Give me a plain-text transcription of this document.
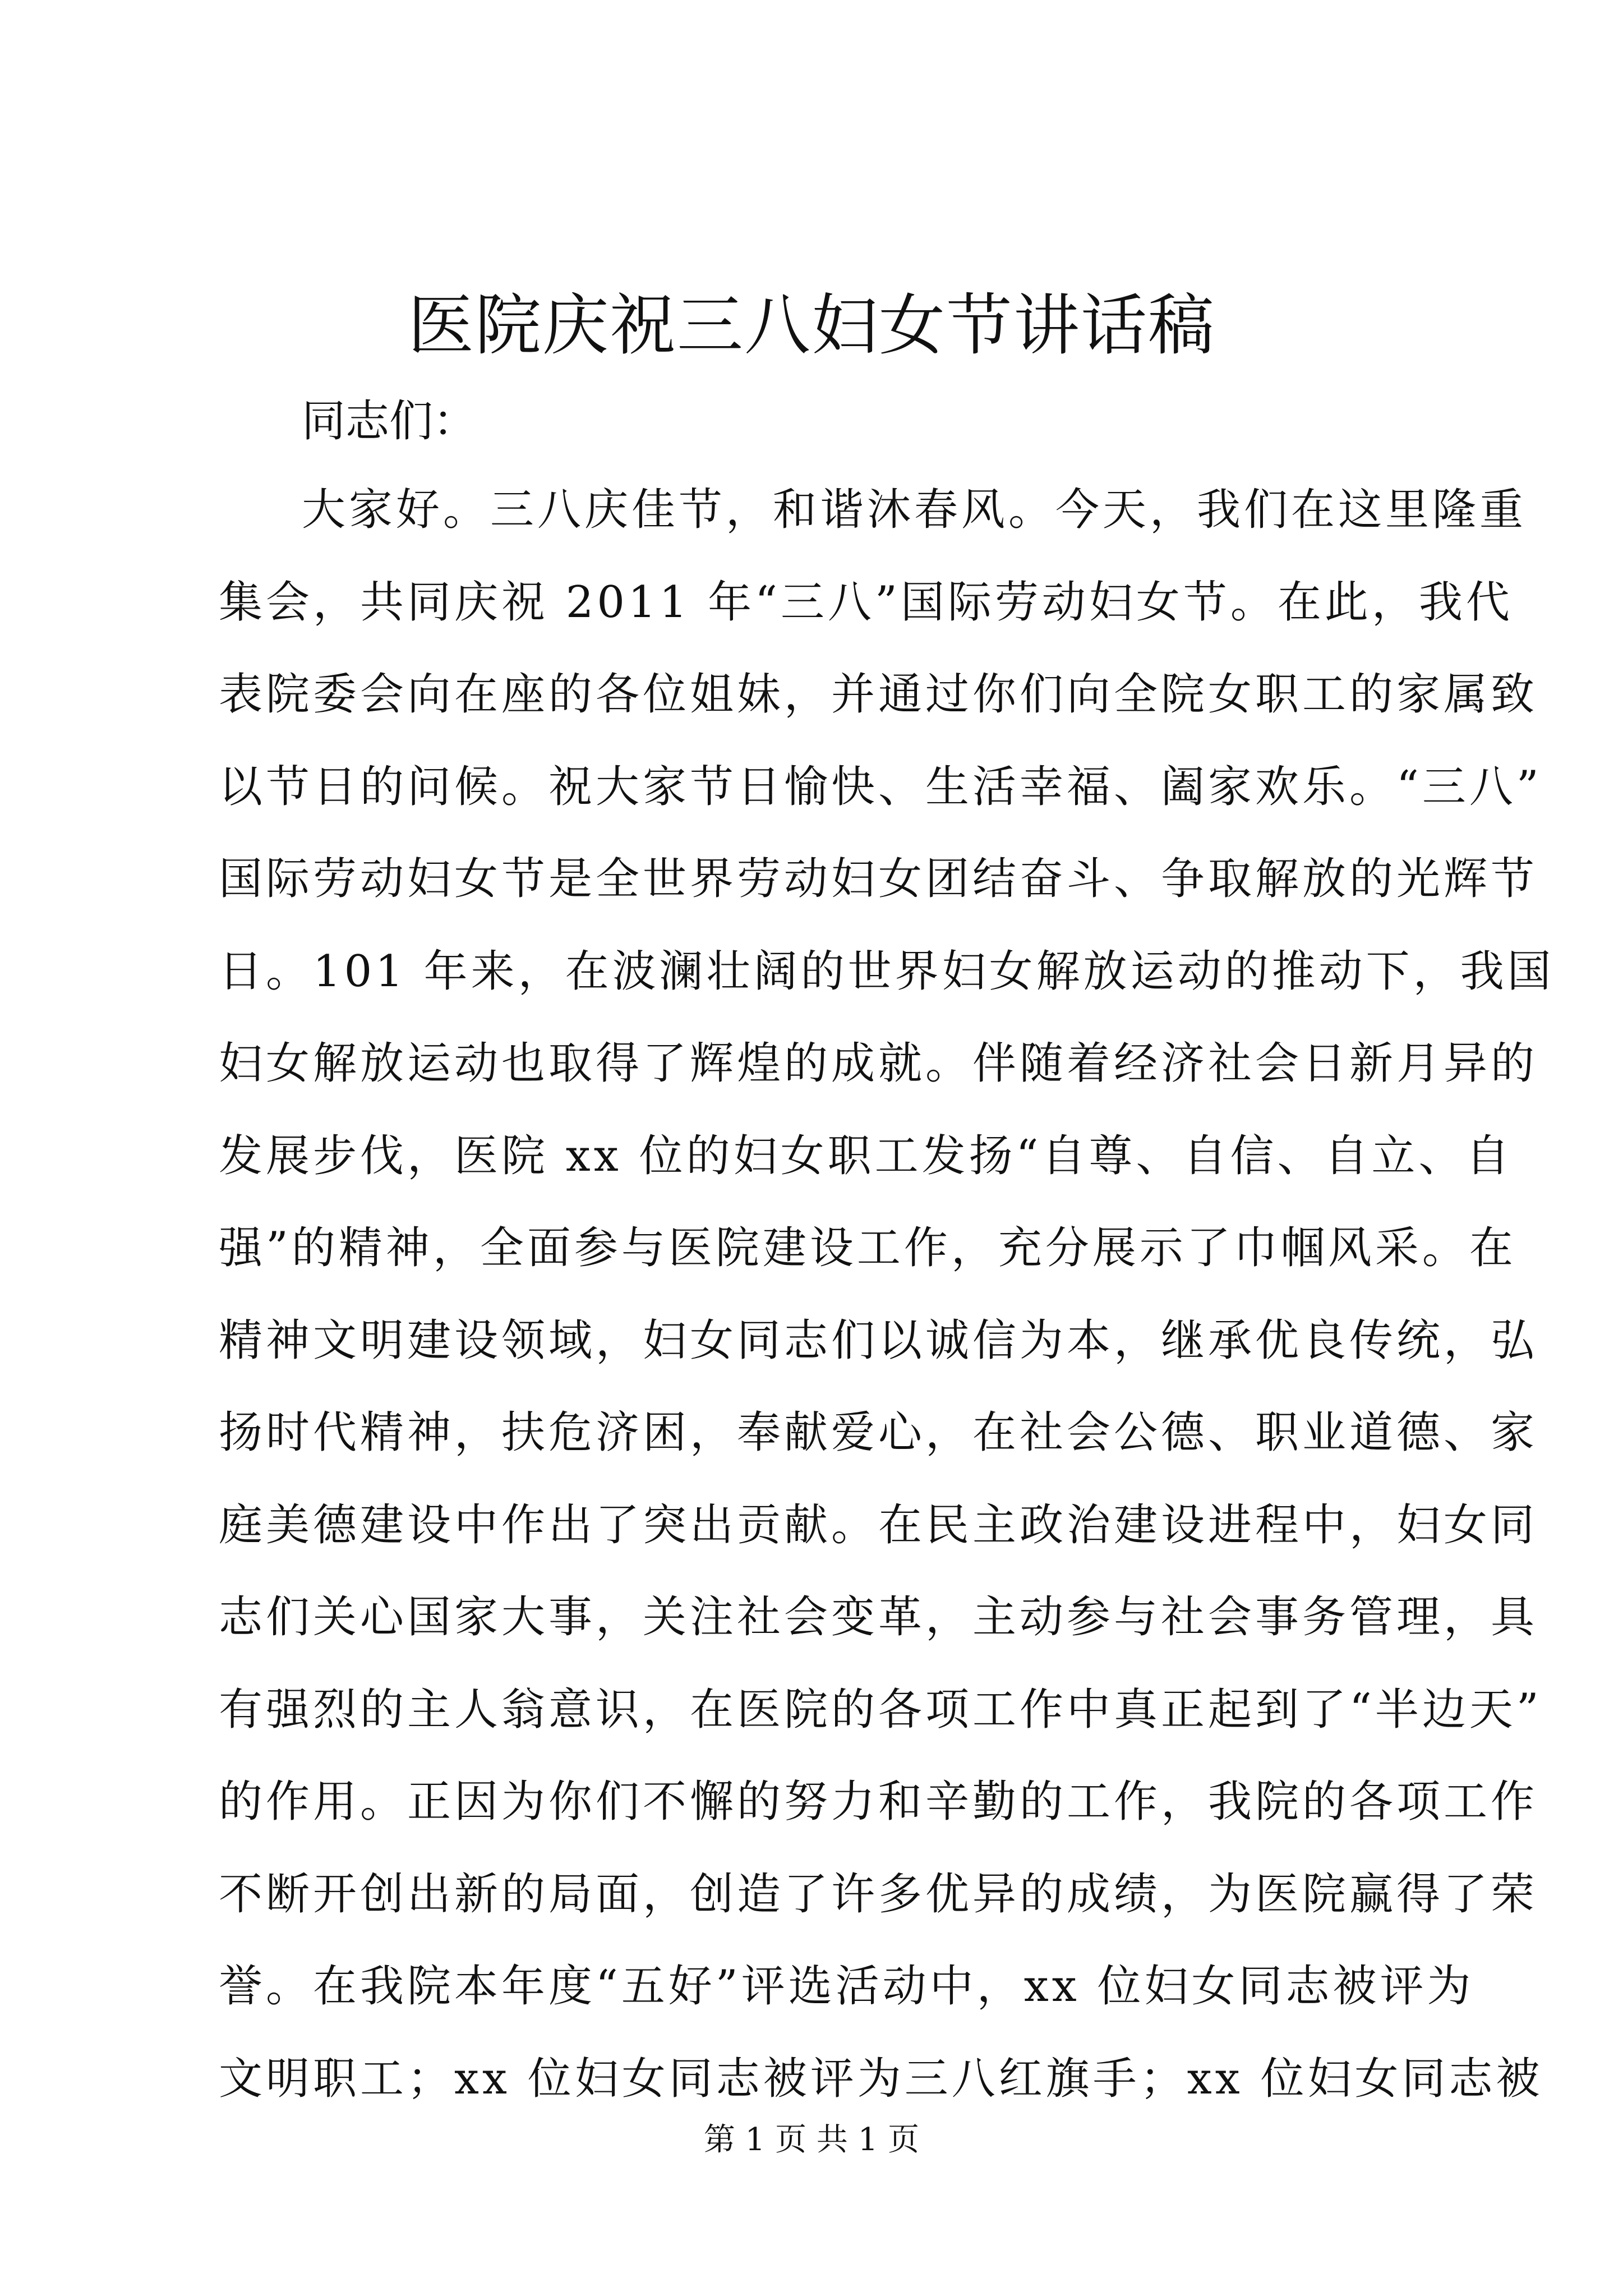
医院庆祝三八妇女节讲话稿

同志们：

大家好。三八庆佳节，和谐沐春风。今天，我们在这里隆重
集会，共同庆祝 2011 年“三八”国际劳动妇女节。在此，我代
表院委会向在座的各位姐妹，并通过你们向全院女职工的家属致
以节日的问候。祝大家节日愉快、生活幸福、阖家欢乐。“三八”
国际劳动妇女节是全世界劳动妇女团结奋斗、争取解放的光辉节
日。101 年来，在波澜壮阔的世界妇女解放运动的推动下，我国
妇女解放运动也取得了辉煌的成就。伴随着经济社会日新月异的
发展步伐，医院 xx 位的妇女职工发扬“自尊、自信、自立、自
强”的精神，全面参与医院建设工作，充分展示了巾帼风采。在
精神文明建设领域，妇女同志们以诚信为本，继承优良传统，弘
扬时代精神，扶危济困，奉献爱心，在社会公德、职业道德、家
庭美德建设中作出了突出贡献。在民主政治建设进程中，妇女同
志们关心国家大事，关注社会变革，主动参与社会事务管理，具
有强烈的主人翁意识，在医院的各项工作中真正起到了“半边天”
的作用。正因为你们不懈的努力和辛勤的工作，我院的各项工作
不断开创出新的局面，创造了许多优异的成绩，为医院赢得了荣
誉。在我院本年度“五好”评选活动中，xx 位妇女同志被评为
文明职工；xx 位妇女同志被评为三八红旗手；xx 位妇女同志被
第 1 页 共 1 页
